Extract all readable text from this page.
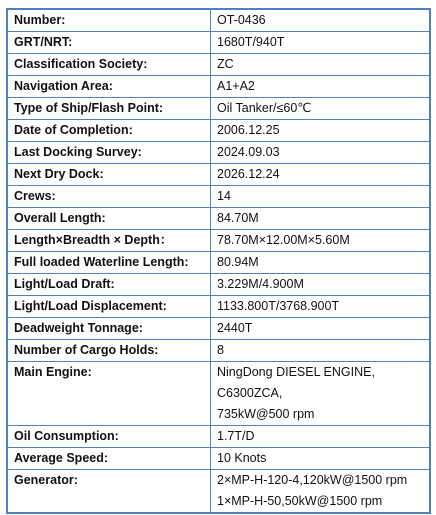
Number:	OT-0436

GRT/NRT:	1680T/940T

Classification Society:	ZC

Navigation Area:	A1+A2

Type of Ship/Flash Point:	Oil Tanker/≤60℃

Date of Completion:	2006.12.25

Last Docking Survey:	2024.09.03

Next Dry Dock:	2026.12.24

Crews:	14

Overall Length:	84.70M

Length×Breadth × Depth：	78.70M×12.00M×5.60M

Full loaded Waterline Length:	80.94M

Light/Load Draft:	3.229M/4.900M

Light/Load Displacement:	1133.800T/3768.900T

Deadweight Tonnage:	2440T

Number of Cargo Holds:	8

Main Engine:	NingDong DIESEL ENGINE,
C6300ZCA,
735kW@500 rpm

Oil Consumption:	1.7T/D

Average Speed:	10 Knots

Generator:	2×MP-H-120-4,120kW@1500 rpm
1×MP-H-50,50kW@1500 rpm
